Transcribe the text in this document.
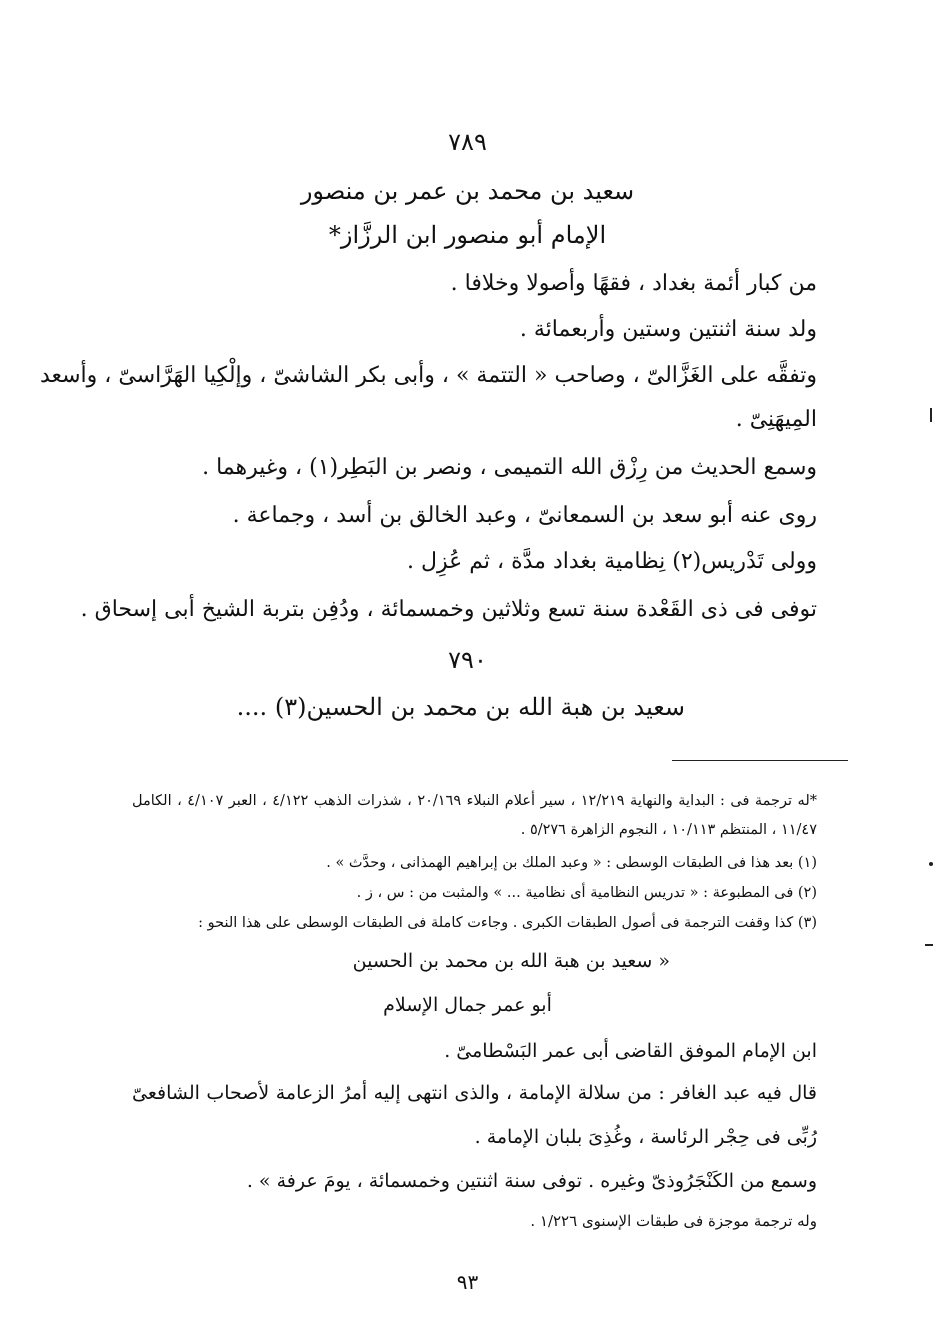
٧٨٩
سعيد بن محمد بن عمر بن منصور
الإمام أبو منصور ابن الرزَّاز*
من كبار أئمة بغداد ، فقهًا وأصولا وخلافا .
ولد سنة اثنتين وستين وأربعمائة .
وتفقَّه على الغَزَّالىّ ، وصاحب « التتمة » ، وأبى بكر الشاشىّ ، وإلْكِيا الهَرَّاسىّ ، وأسعد
المِيهَنِىّ .
وسمع الحديث من رِزْق الله التميمى ، ونصر بن البَطِر(١) ، وغيرهما .
روى عنه أبو سعد بن السمعانىّ ، وعبد الخالق بن أسد ، وجماعة .
وولى تَدْريس(٢) نِظامية بغداد مدَّة ، ثم عُزِل .
توفى فى ذى القَعْدة سنة تسع وثلاثين وخمسمائة ، ودُفِن بتربة الشيخ أبى إسحاق .
٧٩٠
سعيد بن هبة الله بن محمد بن الحسين(٣) ....
*له ترجمة فى : البداية والنهاية ١٢/٢١٩ ، سير أعلام النبلاء ٢٠/١٦٩ ، شذرات الذهب ٤/١٢٢ ، العبر ٤/١٠٧ ، الكامل
١١/٤٧ ، المنتظم ١٠/١١٣ ، النجوم الزاهرة ٥/٢٧٦ .
(١) بعد هذا فى الطبقات الوسطى : « وعبد الملك بن إبراهيم الهمذانى ، وحدَّث » .
(٢) فى المطبوعة : « تدريس النظامية أى نظامية ... » والمثبت من : س ، ز .
(٣) كذا وقفت الترجمة فى أصول الطبقات الكبرى . وجاءت كاملة فى الطبقات الوسطى على هذا النحو :
« سعيد بن هبة الله بن محمد بن الحسين
أبو عمر جمال الإسلام
ابن الإمام الموفق القاضى أبى عمر البَسْطامىّ .
قال فيه عبد الغافر : من سلالة الإمامة ، والذى انتهى إليه أمرُ الزعامة لأصحاب الشافعىّ
رُبِّى فى حِجْر الرئاسة ، وغُذِىَ بلبان الإمامة .
وسمع من الكَنْجَرُوذىّ وغيره . توفى سنة اثنتين وخمسمائة ، يومَ عرفة » .
وله ترجمة موجزة فى طبقات الإسنوى ١/٢٢٦ .
٩٣
